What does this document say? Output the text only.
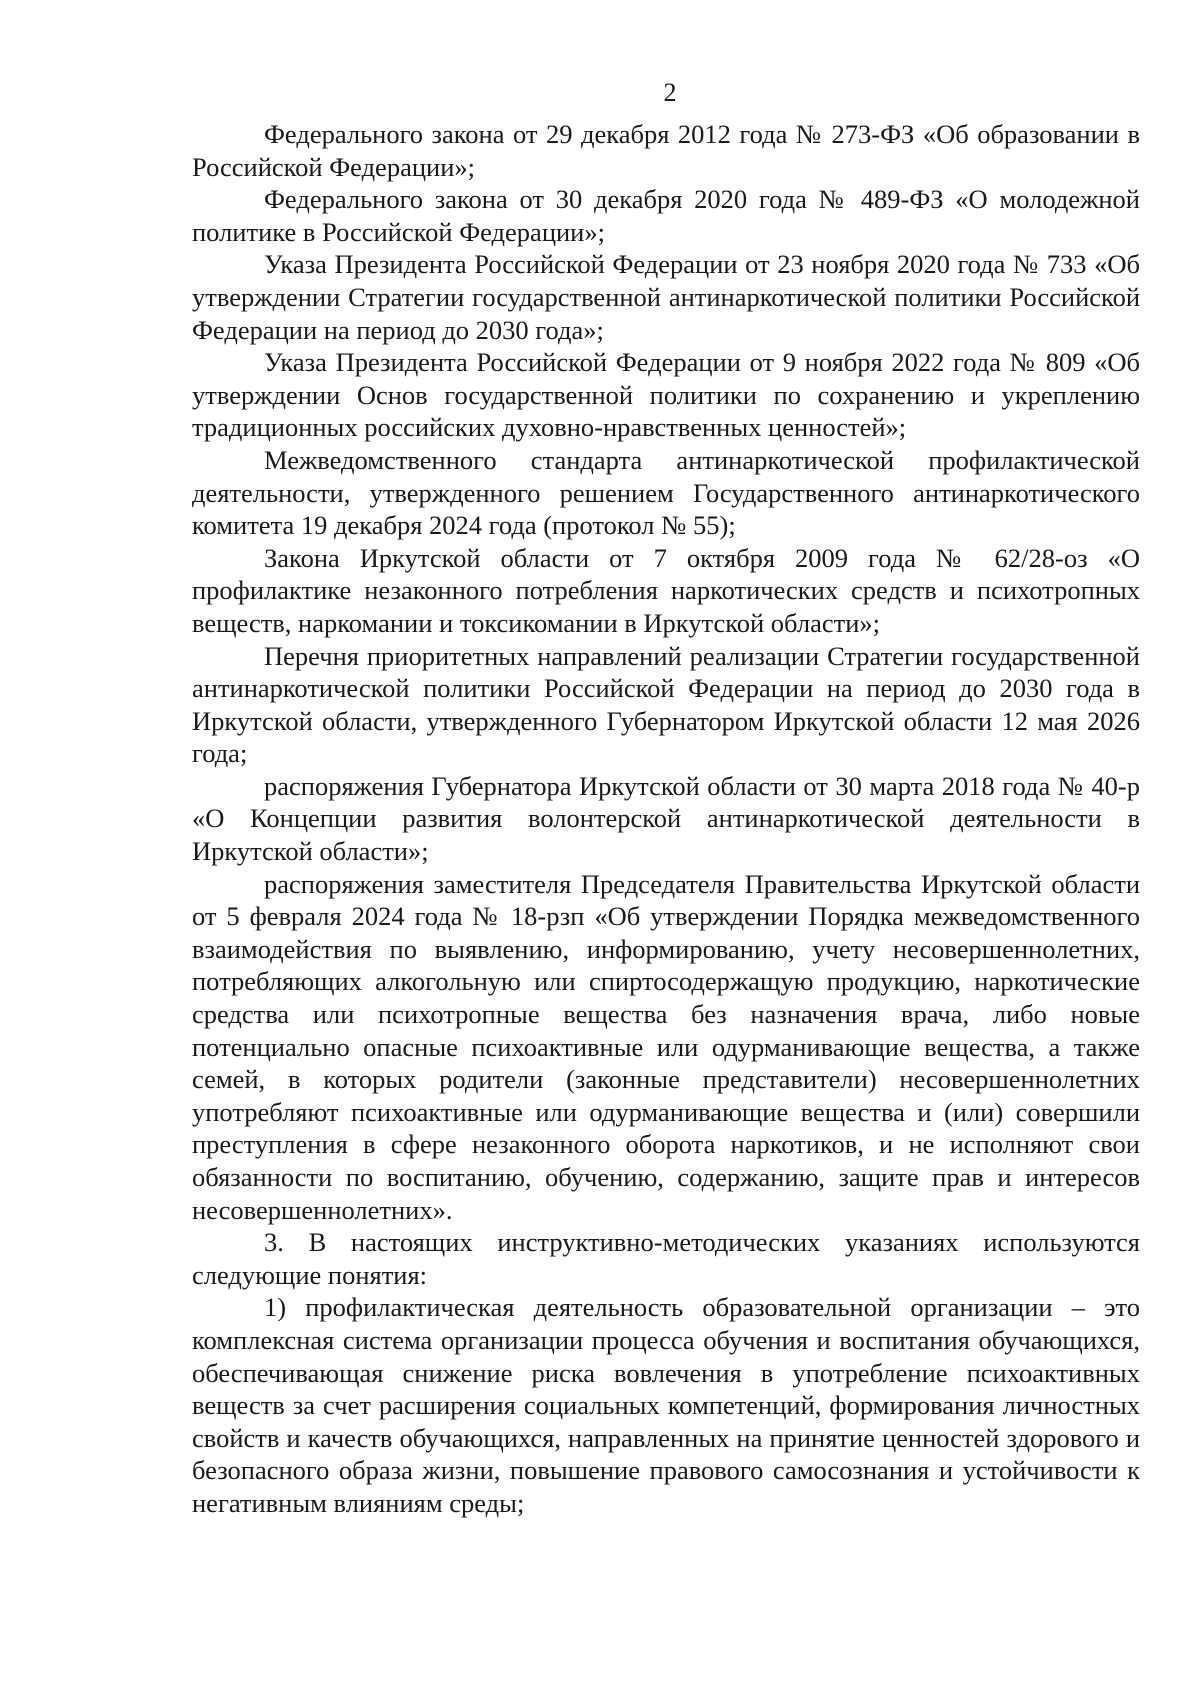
2

Федерального закона от 29 декабря 2012 года № 273-ФЗ «Об образовании в Российской Федерации»;

Федерального закона от 30 декабря 2020 года № 489-ФЗ «О молодежной политике в Российской Федерации»;

Указа Президента Российской Федерации от 23 ноября 2020 года № 733 «Об утверждении Стратегии государственной антинаркотической политики Российской Федерации на период до 2030 года»;

Указа Президента Российской Федерации от 9 ноября 2022 года № 809 «Об утверждении Основ государственной политики по сохранению и укреплению традиционных российских духовно-нравственных ценностей»;

Межведомственного стандарта антинаркотической профилактической деятельности, утвержденного решением Государственного антинаркотического комитета 19 декабря 2024 года (протокол № 55);

Закона Иркутской области от 7 октября 2009 года № 62/28-оз «О профилактике незаконного потребления наркотических средств и психотропных веществ, наркомании и токсикомании в Иркутской области»;

Перечня приоритетных направлений реализации Стратегии государственной антинаркотической политики Российской Федерации на период до 2030 года в Иркутской области, утвержденного Губернатором Иркутской области 12 мая 2026 года;

распоряжения Губернатора Иркутской области от 30 марта 2018 года № 40-р «О Концепции развития волонтерской антинаркотической деятельности в Иркутской области»;

распоряжения заместителя Председателя Правительства Иркутской области от 5 февраля 2024 года № 18-рзп «Об утверждении Порядка межведомственного взаимодействия по выявлению, информированию, учету несовершеннолетних, потребляющих алкогольную или спиртосодержащую продукцию, наркотические средства или психотропные вещества без назначения врача, либо новые потенциально опасные психоактивные или одурманивающие вещества, а также семей, в которых родители (законные представители) несовершеннолетних употребляют психоактивные или одурманивающие вещества и (или) совершили преступления в сфере незаконного оборота наркотиков, и не исполняют свои обязанности по воспитанию, обучению, содержанию, защите прав и интересов несовершеннолетних».

3. В настоящих инструктивно-методических указаниях используются следующие понятия:

1) профилактическая деятельность образовательной организации – это комплексная система организации процесса обучения и воспитания обучающихся, обеспечивающая снижение риска вовлечения в употребление психоактивных веществ за счет расширения социальных компетенций, формирования личностных свойств и качеств обучающихся, направленных на принятие ценностей здорового и безопасного образа жизни, повышение правового самосознания и устойчивости к негативным влияниям среды;
